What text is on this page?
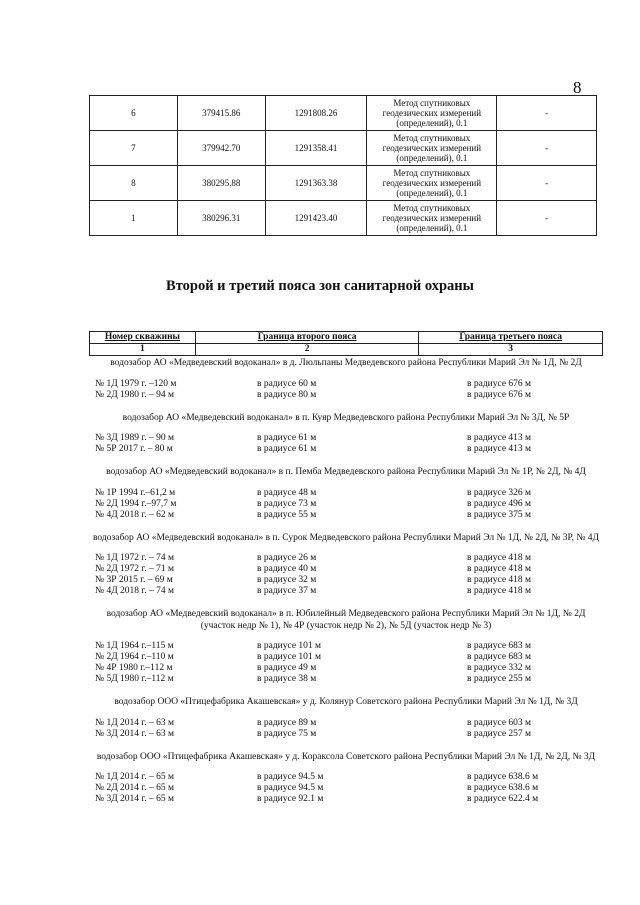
8
6	379415.86	1291808.26	Метод спутниковых
геодезических измерений
(определений), 0.1	-
7	379942.70	1291358.41	Метод спутниковых
геодезических измерений
(определений), 0.1	-
8	380295.88	1291363.38	Метод спутниковых
геодезических измерений
(определений), 0.1	-
1	380296.31	1291423.40	Метод спутниковых
геодезических измерений
(определений), 0.1	-
Второй и третий пояса зон санитарной охраны
Номер скважины	Граница второго пояса	Граница третьего пояса
1	2	3
водозабор АО «Медведевский водоканал» в д. Люльпаны Медведевского района Республики Марий Эл № 1Д, № 2Д
№ 1Д 1979 г. –120 м	в радиусе 60 м	в радиусе 676 м
№ 2Д 1980 г. – 94 м	в радиусе 80 м	в радиусе 676 м
водозабор АО «Медведевский водоканал» в п. Куяр Медведевского района Республики Марий Эл № 3Д, № 5Р
№ 3Д 1989 г. – 90 м	в радиусе 61 м	в радиусе 413 м
№ 5Р 2017 г. – 80 м	в радиусе 61 м	в радиусе 413 м
водозабор АО «Медведевский водоканал» в п. Пемба Медведевского района Республики Марий Эл № 1Р, № 2Д, № 4Д
№ 1Р 1994 г.–61,2 м	в радиусе 48 м	в радиусе 326 м
№ 2Д 1994 г.–97,7 м	в радиусе 73 м	в радиусе 496 м
№ 4Д 2018 г. – 62 м	в радиусе 55 м	в радиусе 375 м
водозабор АО «Медведевский водоканал» в п. Сурок Медведевского района Республики Марий Эл № 1Д, № 2Д, № 3Р, № 4Д
№ 1Д 1972 г. – 74 м	в радиусе 26 м	в радиусе 418 м
№ 2Д 1972 г. – 71 м	в радиусе 40 м	в радиусе 418 м
№ 3Р 2015 г. – 69 м	в радиусе 32 м	в радиусе 418 м
№ 4Д 2018 г. – 74 м	в радиусе 37 м	в радиусе 418 м
водозабор АО «Медведевский водоканал» в п. Юбилейный Медведевского района Республики Марий Эл № 1Д, № 2Д (участок недр № 1), № 4Р (участок недр № 2), № 5Д (участок недр № 3)
№ 1Д 1964 г.–115 м	в радиусе 101 м	в радиусе 683 м
№ 2Д 1964 г.–110 м	в радиусе 101 м	в радиусе 683 м
№ 4Р 1980 г.–112 м	в радиусе 49 м	в радиусе 332 м
№ 5Д 1980 г.–112 м	в радиусе 38 м	в радиусе 255 м
водозабор ООО «Птицефабрика Акашевская» у д. Колянур Советского района Республики Марий Эл № 1Д, № 3Д
№ 1Д 2014 г. – 63 м	в радиусе 89 м	в радиусе 603 м
№ 3Д 2014 г. – 63 м	в радиусе 75 м	в радиусе 257 м
водозабор ООО «Птицефабрика Акашевская» у д. Кораксола Советского района Республики Марий Эл № 1Д, № 2Д, № 3Д
№ 1Д 2014 г. – 65 м	в радиусе 94.5 м	в радиусе 638.6 м
№ 2Д 2014 г. – 65 м	в радиусе 94.5 м	в радиусе 638.6 м
№ 3Д 2014 г. – 65 м	в радиусе 92.1 м	в радиусе 622.4 м
